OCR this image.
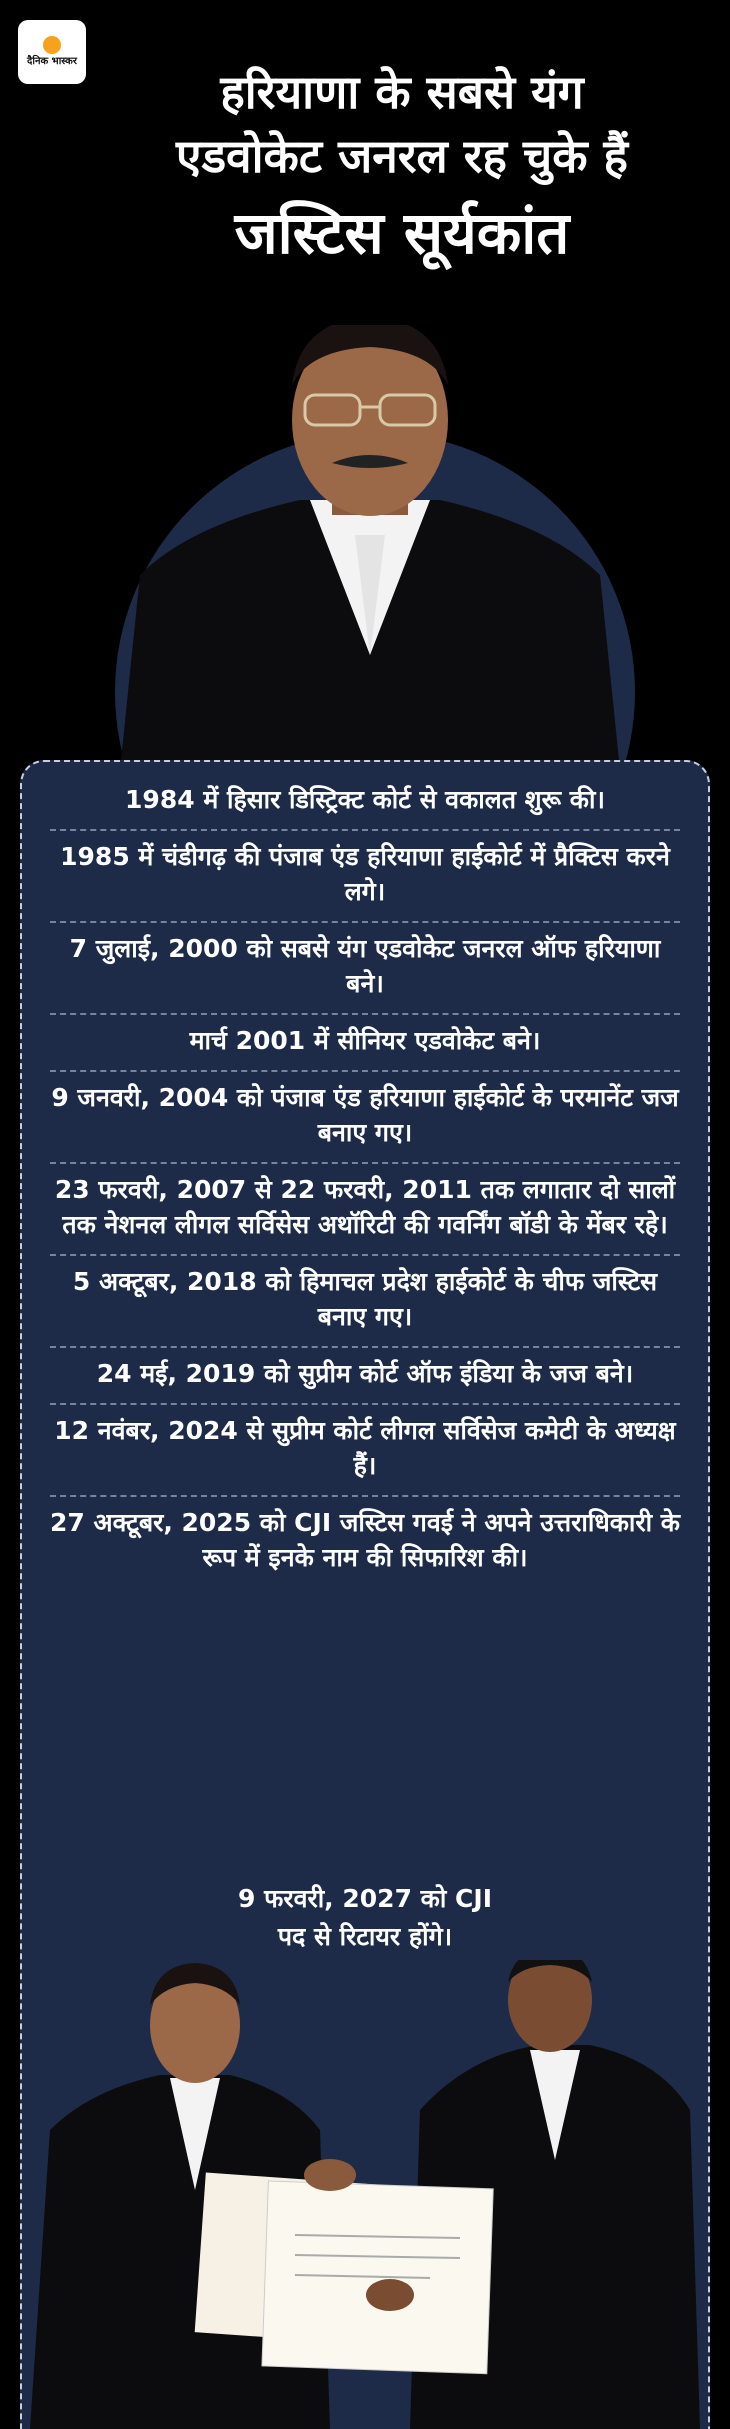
दैनिक भास्कर
हरियाणा के सबसे यंग
एडवोकेट जनरल रह चुके हैं
जस्टिस सूर्यकांत
1984 में हिसार डिस्ट्रिक्ट कोर्ट से वकालत शुरू की।
1985 में चंडीगढ़ की पंजाब एंड हरियाणा हाईकोर्ट में प्रैक्टिस करने लगे।
7 जुलाई, 2000 को सबसे यंग एडवोकेट जनरल ऑफ हरियाणा बने।
मार्च 2001 में सीनियर एडवोकेट बने।
9 जनवरी, 2004 को पंजाब एंड हरियाणा हाईकोर्ट के परमानेंट जज बनाए गए।
23 फरवरी, 2007 से 22 फरवरी, 2011 तक लगातार दो सालों तक नेशनल लीगल सर्विसेस अथॉरिटी की गवर्निंग बॉडी के मेंबर रहे।
5 अक्टूबर, 2018 को हिमाचल प्रदेश हाईकोर्ट के चीफ जस्टिस बनाए गए।
24 मई, 2019 को सुप्रीम कोर्ट ऑफ इंडिया के जज बने।
12 नवंबर, 2024 से सुप्रीम कोर्ट लीगल सर्विसेज कमेटी के अध्यक्ष हैं।
27 अक्टूबर, 2025 को CJI जस्टिस गवई ने अपने उत्तराधिकारी के रूप में इनके नाम की सिफारिश की।
9 फरवरी, 2027 को CJI पद से रिटायर होंगे।
